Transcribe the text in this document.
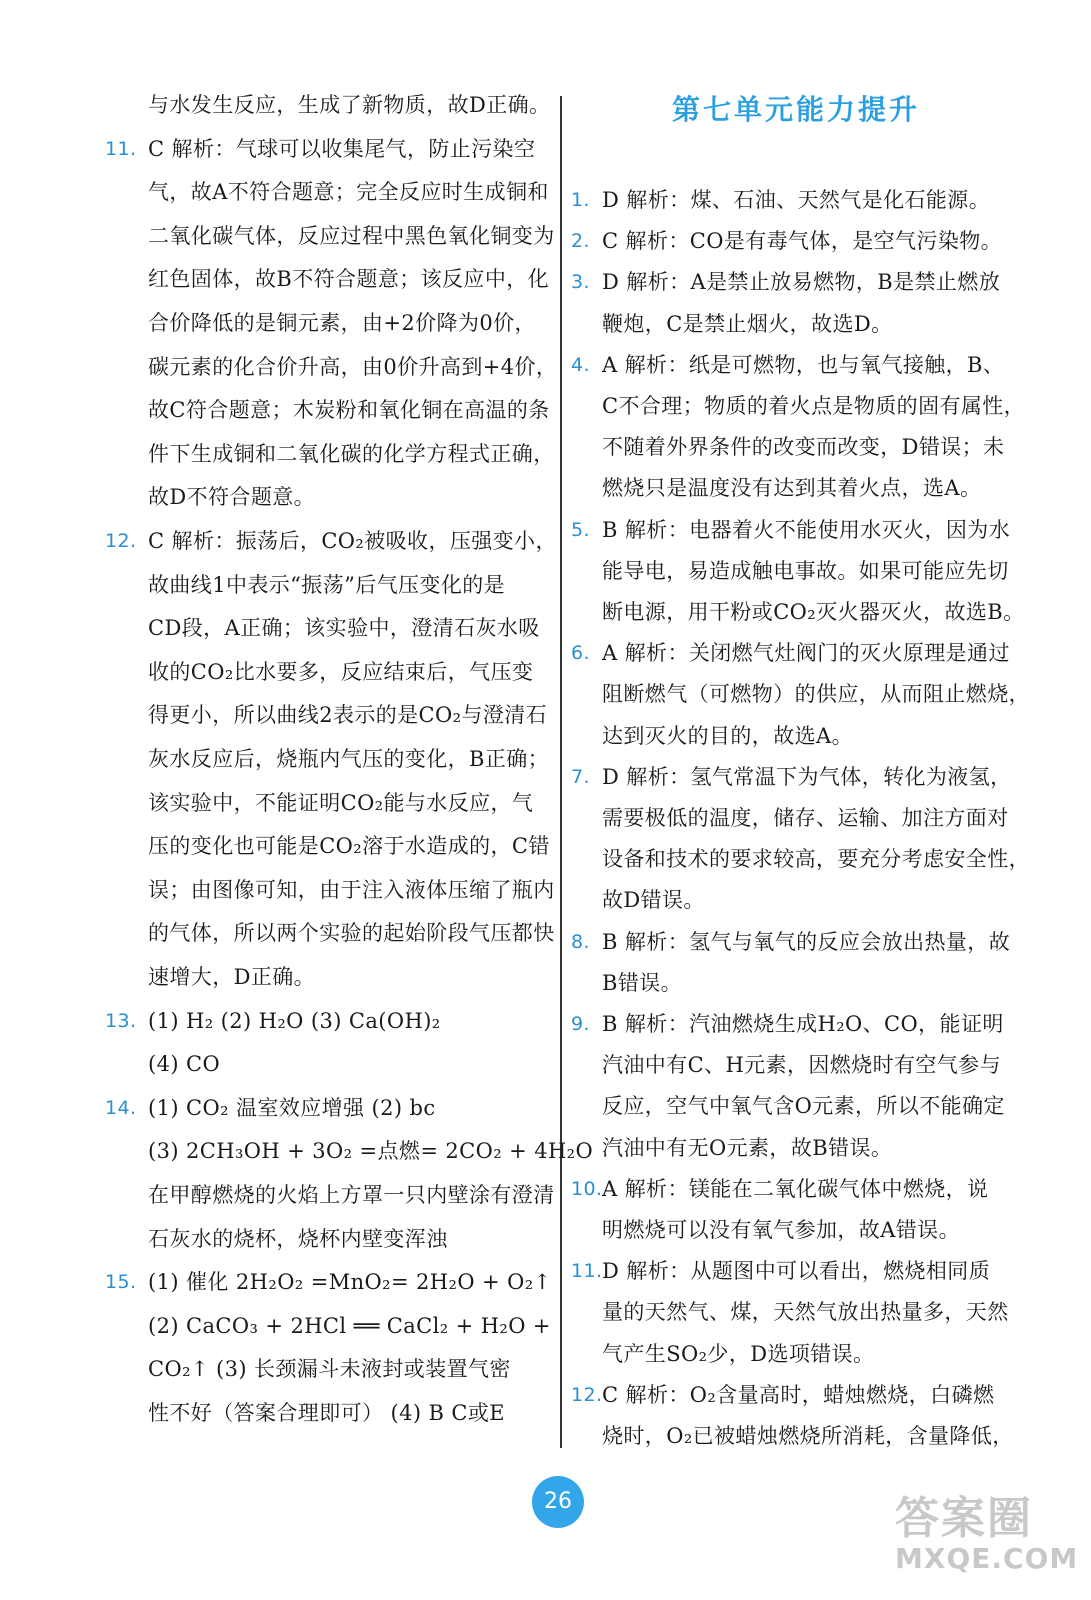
第七单元能力提升
与水发生反应，生成了新物质，故D正确。
11. C 解析：气球可以收集尾气，防止污染空
气，故A不符合题意；完全反应时生成铜和
二氧化碳气体，反应过程中黑色氧化铜变为
红色固体，故B不符合题意；该反应中，化
合价降低的是铜元素，由+2价降为0价，
碳元素的化合价升高，由0价升高到+4价，
故C符合题意；木炭粉和氧化铜在高温的条
件下生成铜和二氧化碳的化学方程式正确，
故D不符合题意。
12. C 解析：振荡后，CO₂被吸收，压强变小，
故曲线1中表示“振荡”后气压变化的是
CD段，A正确；该实验中，澄清石灰水吸
收的CO₂比水要多，反应结束后，气压变
得更小，所以曲线2表示的是CO₂与澄清石
灰水反应后，烧瓶内气压的变化，B正确；
该实验中，不能证明CO₂能与水反应，气
压的变化也可能是CO₂溶于水造成的，C错
误；由图像可知，由于注入液体压缩了瓶内
的气体，所以两个实验的起始阶段气压都快
速增大，D正确。
13. (1) H₂ (2) H₂O (3) Ca(OH)₂
(4) CO
14. (1) CO₂ 温室效应增强 (2) bc
(3) 2CH₃OH + 3O₂ =点燃= 2CO₂ + 4H₂O
在甲醇燃烧的火焰上方罩一只内壁涂有澄清
石灰水的烧杯，烧杯内壁变浑浊
15. (1) 催化 2H₂O₂ =MnO₂= 2H₂O + O₂↑
(2) CaCO₃ + 2HCl ══ CaCl₂ + H₂O +
CO₂↑ (3) 长颈漏斗未液封或装置气密
性不好（答案合理即可） (4) B C或E
1. D 解析：煤、石油、天然气是化石能源。
2. C 解析：CO是有毒气体，是空气污染物。
3. D 解析：A是禁止放易燃物，B是禁止燃放
鞭炮，C是禁止烟火，故选D。
4. A 解析：纸是可燃物，也与氧气接触，B、
C不合理；物质的着火点是物质的固有属性，
不随着外界条件的改变而改变，D错误；未
燃烧只是温度没有达到其着火点，选A。
5. B 解析：电器着火不能使用水灭火，因为水
能导电，易造成触电事故。如果可能应先切
断电源，用干粉或CO₂灭火器灭火，故选B。
6. A 解析：关闭燃气灶阀门的灭火原理是通过
阻断燃气（可燃物）的供应，从而阻止燃烧，
达到灭火的目的，故选A。
7. D 解析：氢气常温下为气体，转化为液氢，
需要极低的温度，储存、运输、加注方面对
设备和技术的要求较高，要充分考虑安全性，
故D错误。
8. B 解析：氢气与氧气的反应会放出热量，故
B错误。
9. B 解析：汽油燃烧生成H₂O、CO，能证明
汽油中有C、H元素，因燃烧时有空气参与
反应，空气中氧气含O元素，所以不能确定
汽油中有无O元素，故B错误。
10. A 解析：镁能在二氧化碳气体中燃烧，说
明燃烧可以没有氧气参加，故A错误。
11. D 解析：从题图中可以看出，燃烧相同质
量的天然气、煤，天然气放出热量多，天然
气产生SO₂少，D选项错误。
12. C 解析：O₂含量高时，蜡烛燃烧，白磷燃
烧时，O₂已被蜡烛燃烧所消耗，含量降低，
26	答案圈
MXQE.COM
